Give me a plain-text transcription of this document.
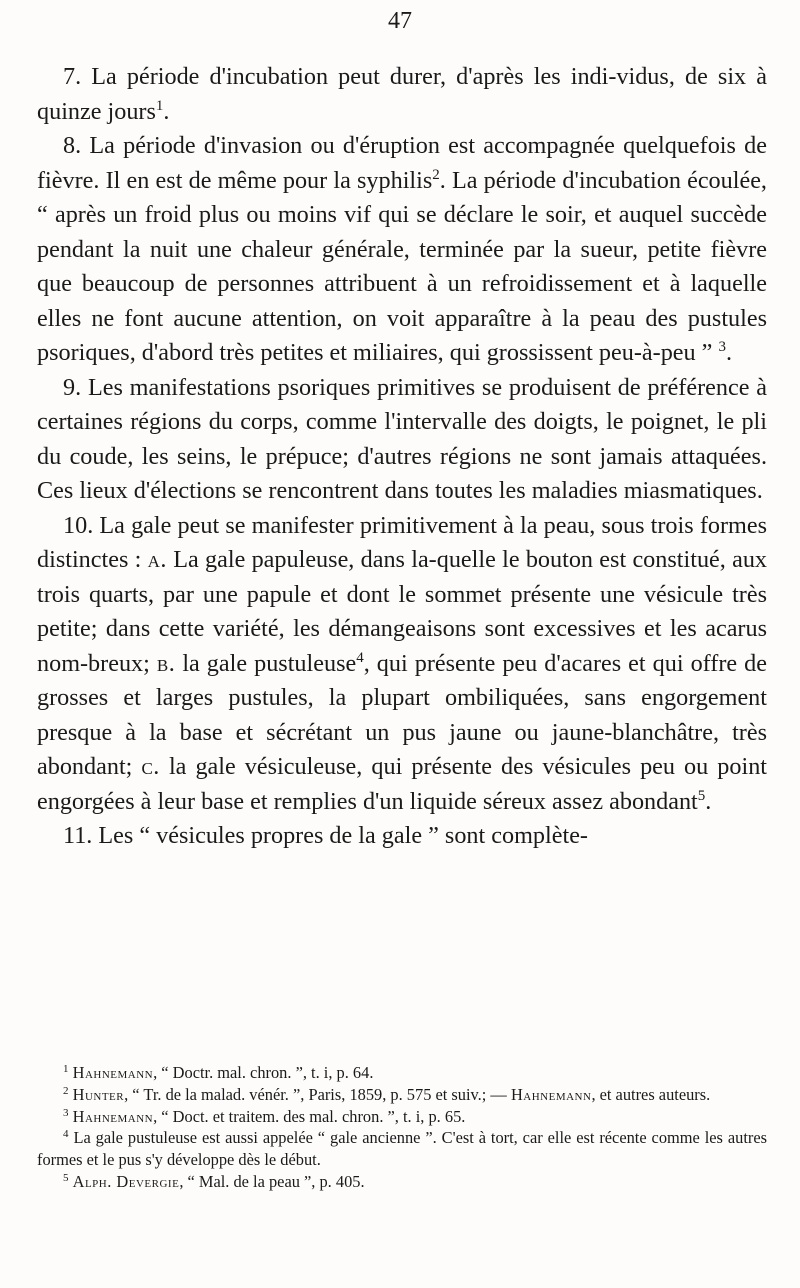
47

7. La période d'incubation peut durer, d'après les indi-vidus, de six à quinze jours$^1$.

8. La période d'invasion ou d'éruption est accompagnée quelquefois de fièvre. Il en est de même pour la syphilis$^2$. La période d'incubation écoulée, “ après un froid plus ou moins vif qui se déclare le soir, et auquel succède pendant la nuit une chaleur générale, terminée par la sueur, petite fièvre que beaucoup de personnes attribuent à un refroidissement et à laquelle elles ne font aucune attention, on voit apparaître à la peau des pustules psoriques, d'abord très petites et miliaires, qui grossissent peu-à-peu ” $^3$.

9. Les manifestations psoriques primitives se produisent de préférence à certaines régions du corps, comme l'intervalle des doigts, le poignet, le pli du coude, les seins, le prépuce; d'autres régions ne sont jamais attaquées. Ces lieux d'élections se rencontrent dans toutes les maladies miasmatiques.

10. La gale peut se manifester primitivement à la peau, sous trois formes distinctes : a. La gale papuleuse, dans la-quelle le bouton est constitué, aux trois quarts, par une papule et dont le sommet présente une vésicule très petite; dans cette variété, les démangeaisons sont excessives et les acarus nom-breux; b. la gale pustuleuse$^4$, qui présente peu d'acares et qui offre de grosses et larges pustules, la plupart ombiliquées, sans engorgement presque à la base et sécrétant un pus jaune ou jaune-blanchâtre, très abondant; c. la gale vésiculeuse, qui présente des vésicules peu ou point engorgées à leur base et remplies d'un liquide séreux assez abondant$^5$.

11. Les “ vésicules propres de la gale ” sont complète-

$^1$ Hahnemann, “ Doctr. mal. chron. ”, t. i, p. 64.

$^2$ Hunter, “ Tr. de la malad. vénér. ”, Paris, 1859, p. 575 et suiv.; — Hahnemann, et autres auteurs.

$^3$ Hahnemann, “ Doct. et traitem. des mal. chron. ”, t. i, p. 65.

$^4$ La gale pustuleuse est aussi appelée “ gale ancienne ”. C'est à tort, car elle est récente comme les autres formes et le pus s'y développe dès le début.

$^5$ Alph. Devergie, “ Mal. de la peau ”, p. 405.
